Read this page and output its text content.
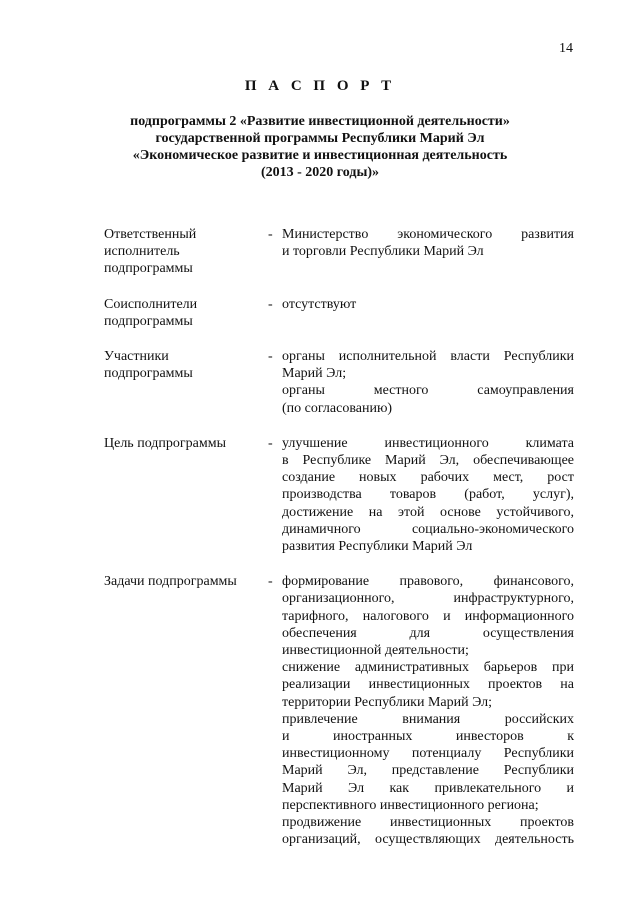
14
П А С П О Р Т
подпрограммы 2 «Развитие инвестиционной деятельности»
государственной программы Республики Марий Эл
«Экономическое развитие и инвестиционная деятельность
(2013 - 2020 годы)»
Ответственный
исполнитель
подпрограммы
- Министерство экономического развития

и торговли Республики Марий Эл

Соисполнители
подпрограммы
- отсутствуют

Участники
подпрограммы
- органы исполнительной власти Республики

Марий Эл;

органы местного самоуправления

(по согласованию)

Цель подпрограммы	- улучшение инвестиционного климата

в Республике Марий Эл, обеспечивающее

создание новых рабочих мест, рост

производства товаров (работ, услуг),

достижение на этой основе устойчивого,

динамичного социально-экономического

развития Республики Марий Эл

Задачи подпрограммы	- формирование правового, финансового,

организационного, инфраструктурного,

тарифного, налогового и информационного

обеспечения для осуществления

инвестиционной деятельности;

снижение административных барьеров при

реализации инвестиционных проектов на

территории Республики Марий Эл;

привлечение внимания российских

и иностранных инвесторов к

инвестиционному потенциалу Республики

Марий Эл, представление Республики

Марий Эл как привлекательного и

перспективного инвестиционного региона;

продвижение инвестиционных проектов

организаций, осуществляющих деятельность
